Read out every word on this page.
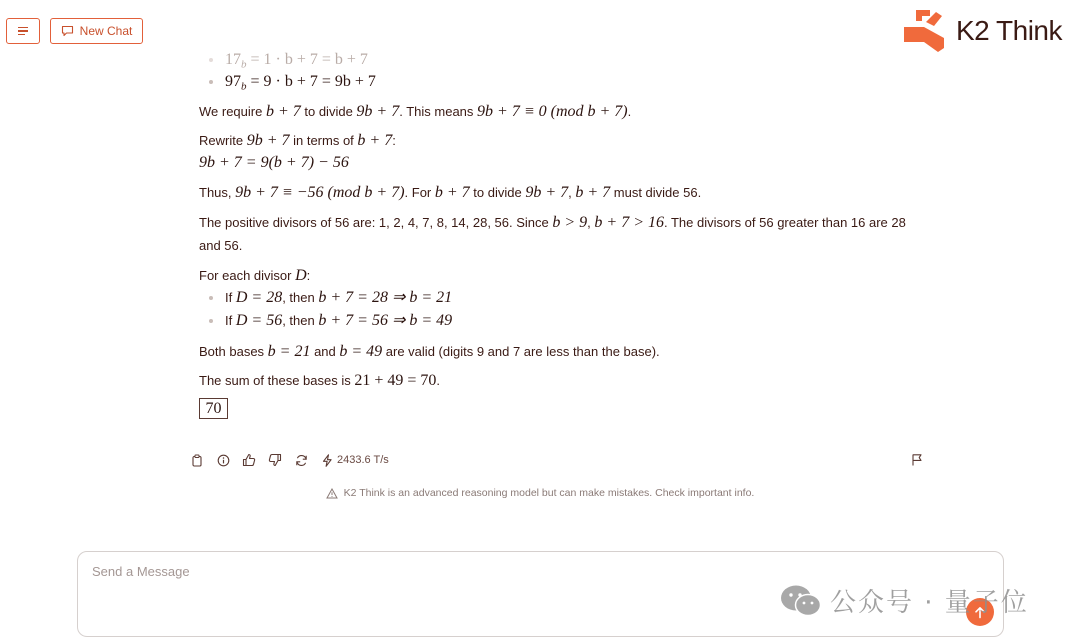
New Chat	K2 Think
$17_b = 1 \cdot b + 7 = b + 7$
$97_b = 9 \cdot b + 7 = 9b + 7$
We require b + 7 to divide 9b + 7. This means 9b + 7 ≡ 0 (mod b + 7).
Rewrite 9b + 7 in terms of b + 7:
9b + 7 = 9(b + 7) − 56
Thus, 9b + 7 ≡ −56 (mod b + 7). For b + 7 to divide 9b + 7, b + 7 must divide 56.
The positive divisors of 56 are: 1, 2, 4, 7, 8, 14, 28, 56. Since b > 9, b + 7 > 16. The divisors of 56 greater than 16 are 28
and 56.
For each divisor D:
If D = 28, then b + 7 = 28 ⇒ b = 21
If D = 56, then b + 7 = 56 ⇒ b = 49
Both bases b = 21 and b = 49 are valid (digits 9 and 7 are less than the base).
The sum of these bases is 21 + 49 = 70.
70
2433.6 T/s
K2 Think is an advanced reasoning model but can make mistakes. Check important info.
Send a Message
公众号 · 量子位
